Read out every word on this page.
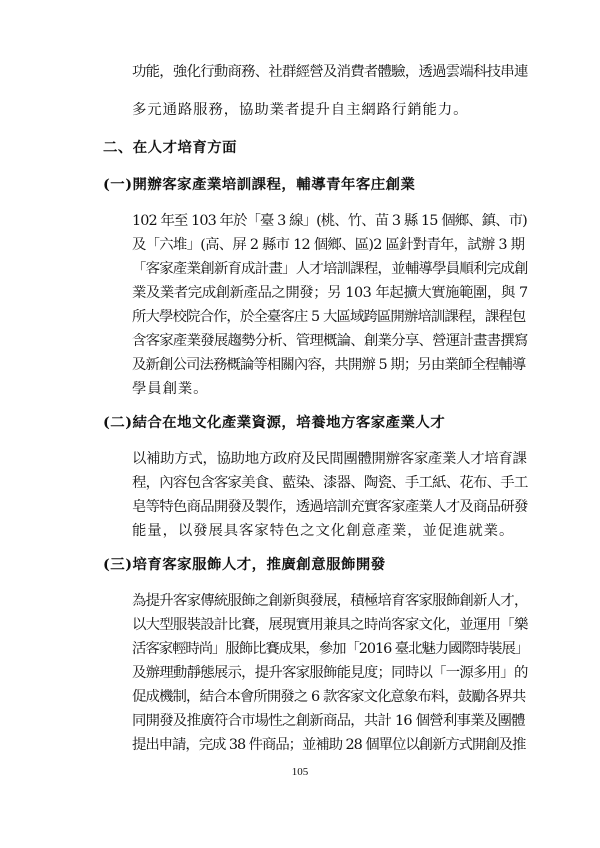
功能，強化行動商務、社群經營及消費者體驗，透過雲端科技串連
多元通路服務，協助業者提升自主網路行銷能力。
二、在人才培育方面
(一)開辦客家產業培訓課程，輔導青年客庄創業
102 年至 103 年於「臺 3 線」(桃、竹、苗 3 縣 15 個鄉、鎮、市)
及「六堆」(高、屏 2 縣市 12 個鄉、區)2 區針對青年，試辦 3 期
「客家產業創新育成計畫」人才培訓課程，並輔導學員順利完成創
業及業者完成創新產品之開發；另 103 年起擴大實施範圍，與 7
所大學校院合作，於全臺客庄 5 大區域跨區開辦培訓課程，課程包
含客家產業發展趨勢分析、管理概論、創業分享、營運計畫書撰寫
及新創公司法務概論等相關內容，共開辦 5 期；另由業師全程輔導
學員創業。
(二)結合在地文化產業資源，培養地方客家產業人才
以補助方式，協助地方政府及民間團體開辦客家產業人才培育課
程，內容包含客家美食、藍染、漆器、陶瓷、手工紙、花布、手工
皂等特色商品開發及製作，透過培訓充實客家產業人才及商品研發
能量，以發展具客家特色之文化創意產業，並促進就業。
(三)培育客家服飾人才，推廣創意服飾開發
為提升客家傳統服飾之創新與發展，積極培育客家服飾創新人才，
以大型服裝設計比賽，展現實用兼具之時尚客家文化，並運用「樂
活客家輕時尚」服飾比賽成果，參加「2016 臺北魅力國際時裝展」
及辦理動靜態展示，提升客家服飾能見度；同時以「一源多用」的
促成機制，結合本會所開發之 6 款客家文化意象布料，鼓勵各界共
同開發及推廣符合市場性之創新商品，共計 16 個營利事業及團體
提出申請，完成 38 件商品；並補助 28 個單位以創新方式開創及推
105
